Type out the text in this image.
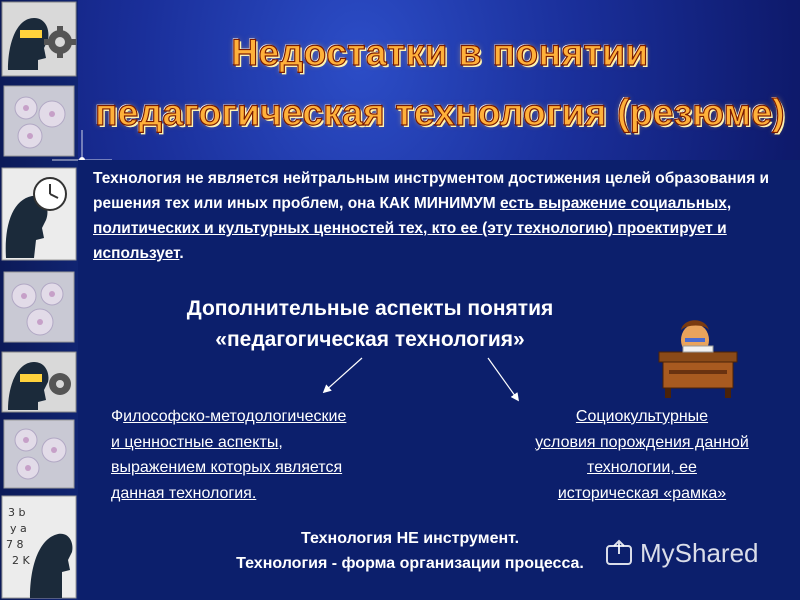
3 b
y a
7 8
2 K
Недостатки в понятии
педагогическая технология (резюме)
Технология не является нейтральным инструментом достижения целей образования и решения тех или иных проблем, она КАК МИНИМУМ есть выражение социальных, политических и культурных ценностей тех, кто ее (эту технологию) проектирует и использует.
Дополнительные аспекты понятия
«педагогическая технология»
Философско-методологические
и ценностные аспекты,
выражением которых является
данная технология.
Социокультурные
условия порождения данной
технологии, ее
историческая «рамка»
Технология НЕ инструмент.
Технология - форма организации процесса.	MyShared
